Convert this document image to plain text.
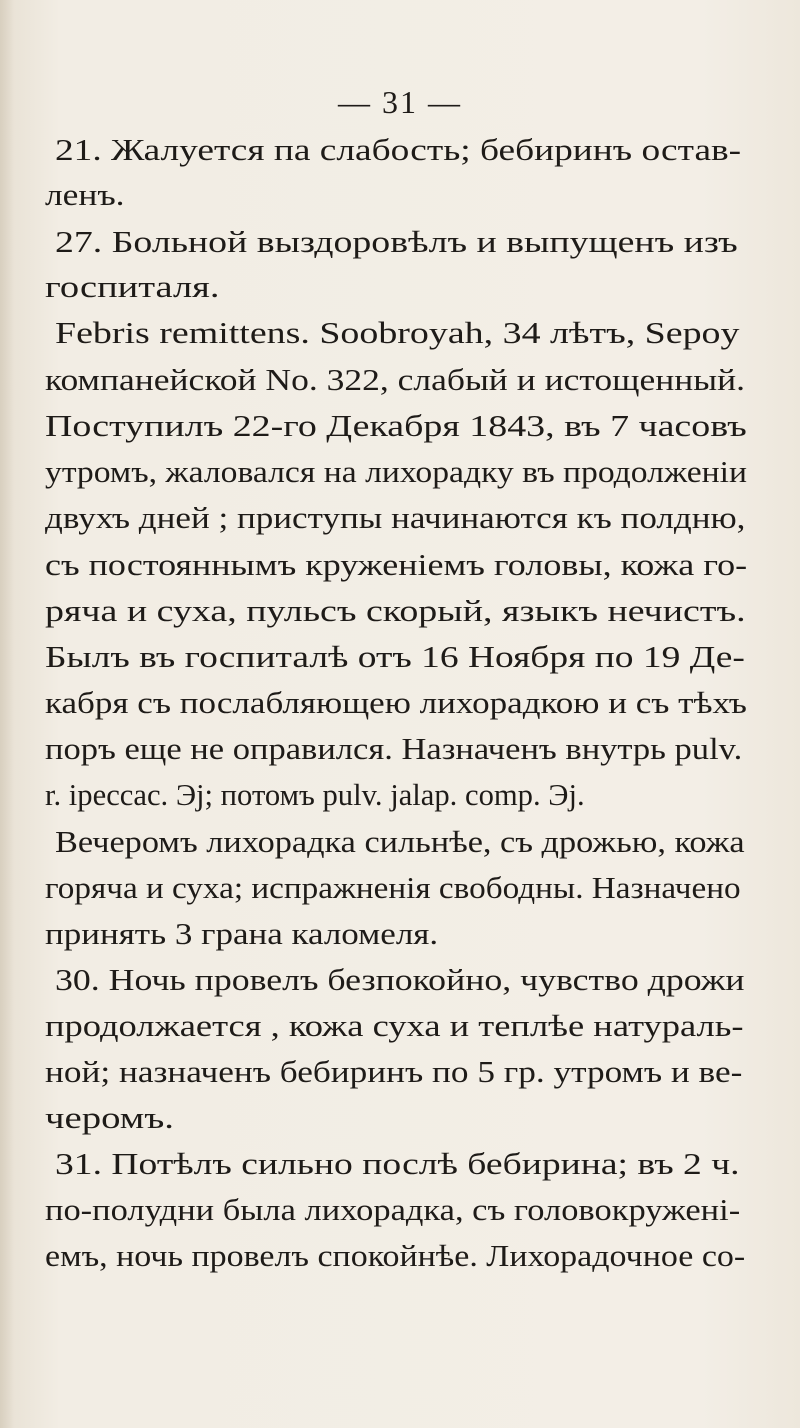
— 31 —
21. Жалуется па слабость; бебиринъ остав-
ленъ.
27. Больной выздоровѣлъ и выпущенъ изъ
госпиталя.
Febris remittens. Soobroyah, 34 лѣтъ, Sepoy
компанейской No. 322, слабый и истощенный.
Поступилъ 22-го Декабря 1843, въ 7 часовъ
утромъ, жаловался на лихорадку въ продолженіи
двухъ дней ; приступы начинаются къ полдню,
съ постояннымъ круженіемъ головы, кожа го-
ряча и суха, пульсъ скорый, языкъ нечистъ.
Былъ въ госпиталѣ отъ 16 Ноября по 19 Де-
кабря съ послабляющею лихорадкою и съ тѣхъ
поръ еще не оправился. Назначенъ внутрь pulv.
r. ipeccac. Эj; потомъ pulv. jalap. comp. Эj.
Вечеромъ лихорадка сильнѣе, съ дрожью, кожа
горяча и суха; испражненія свободны. Назначено
принять 3 грана каломеля.
30. Ночь провелъ безпокойно, чувство дрожи
продолжается , кожа суха и теплѣе натураль-
ной; назначенъ бебиринъ по 5 гр. утромъ и ве-
черомъ.
31. Потѣлъ сильно послѣ бебирина; въ 2 ч.
по-полудни была лихорадка, съ головокруженi-
емъ, ночь провелъ спокойнѣе. Лихорадочное со-
